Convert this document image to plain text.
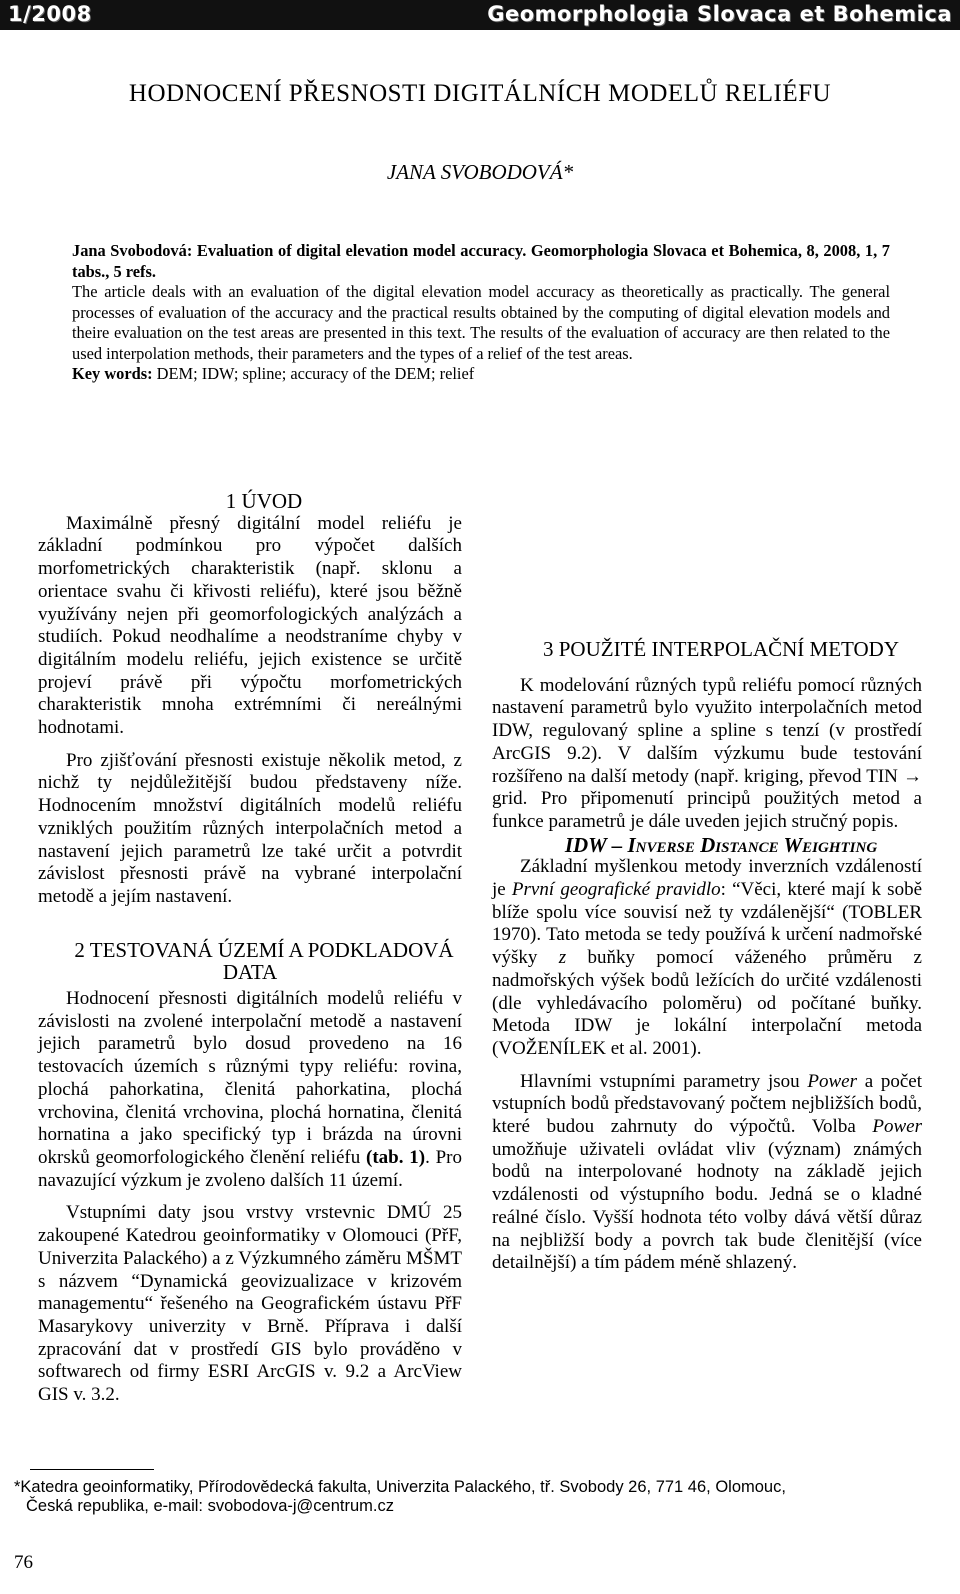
1/2008	Geomorphologia Slovaca et Bohemica
HODNOCENÍ PŘESNOSTI DIGITÁLNÍCH MODELŮ RELIÉFU
JANA SVOBODOVÁ*

Jana Svobodová: Evaluation of digital elevation model accuracy. Geomorphologia Slovaca et Bohemica, 8, 2008, 1, 7 tabs., 5 refs.

The article deals with an evaluation of the digital elevation model accuracy as theoretically as practically. The general processes of evaluation of the accuracy and the practical results obtained by the computing of digital elevation models and theire evaluation on the test areas are presented in this text. The results of the evaluation of accuracy are then related to the used interpolation methods, their parameters and the types of a relief of the test areas.

Key words: DEM; IDW; spline; accuracy of the DEM; relief

1 ÚVOD

Maximálně přesný digitální model reliéfu je základní podmínkou pro výpočet dalších morfometrických charakteristik (např. sklonu a orientace svahu či křivosti reliéfu), které jsou běžně využívány nejen při geomorfologických analýzách a studiích. Pokud neodhalíme a neodstraníme chyby v digitálním modelu reliéfu, jejich existence se určitě projeví právě při výpočtu morfometrických charakteristik mnoha extrémními či nereálnými hodnotami.

Pro zjišťování přesnosti existuje několik metod, z nichž ty nejdůležitější budou představeny níže. Hodnocením množství digitálních modelů reliéfu vzniklých použitím různých interpolačních metod a nastavení jejich parametrů lze také určit a potvrdit závislost přesnosti právě na vybrané interpolační metodě a jejím nastavení.

2 TESTOVANÁ ÚZEMÍ A PODKLADOVÁ DATA

Hodnocení přesnosti digitálních modelů reliéfu v závislosti na zvolené interpolační metodě a nastavení jejich parametrů bylo dosud provedeno na 16 testovacích územích s různými typy reliéfu: rovina, plochá pahorkatina, členitá pahorkatina, plochá vrchovina, členitá vrchovina, plochá hornatina, členitá hornatina a jako specifický typ i brázda na úrovni okrsků geomorfologického členění reliéfu (tab. 1). Pro navazující výzkum je zvoleno dalších 11 území.

Vstupními daty jsou vrstvy vrstevnic DMÚ 25 zakoupené Katedrou geoinformatiky v Olomouci (PřF, Univerzita Palackého) a z Výzkumného záměru MŠMT s názvem “Dynamická geovizualizace v krizovém managementu“ řešeného na Geografickém ústavu PřF Masarykovy univerzity v Brně. Příprava i další zpracování dat v prostředí GIS bylo prováděno v softwarech od firmy ESRI ArcGIS v. 9.2 a ArcView GIS v. 3.2.

3 POUŽITÉ INTERPOLAČNÍ METODY

K modelování různých typů reliéfu pomocí různých nastavení parametrů bylo využito interpolačních metod IDW, regulovaný spline a spline s tenzí (v prostředí ArcGIS 9.2). V dalším výzkumu bude testování rozšířeno na další metody (např. kriging, převod TIN → grid. Pro připomenutí principů použitých metod a funkce parametrů je dále uveden jejich stručný popis.

IDW – Inverse Distance Weighting

Základní myšlenkou metody inverzních vzdáleností je První geografické pravidlo: “Věci, které mají k sobě blíže spolu více souvisí než ty vzdálenější“ (TOBLER 1970). Tato metoda se tedy používá k určení nadmořské výšky z buňky pomocí váženého průměru z nadmořských výšek bodů ležících do určité vzdálenosti (dle vyhledávacího poloměru) od počítané buňky. Metoda IDW je lokální interpolační metoda (VOŽENÍLEK et al. 2001).

Hlavními vstupními parametry jsou Power a počet vstupních bodů představovaný počtem nejbližších bodů, které budou zahrnuty do výpočtů. Volba Power umožňuje uživateli ovládat vliv (význam) známých bodů na interpolované hodnoty na základě jejich vzdálenosti od výstupního bodu. Jedná se o kladné reálné číslo. Vyšší hodnota této volby dává větší důraz na nejbližší body a povrch tak bude členitější (více detailnější) a tím pádem méně shlazený.

*Katedra geoinformatiky, Přírodovědecká fakulta, Univerzita Palackého, tř. Svobody 26, 771 46, Olomouc,
Česká republika, e-mail: svobodova-j@centrum.cz
76
